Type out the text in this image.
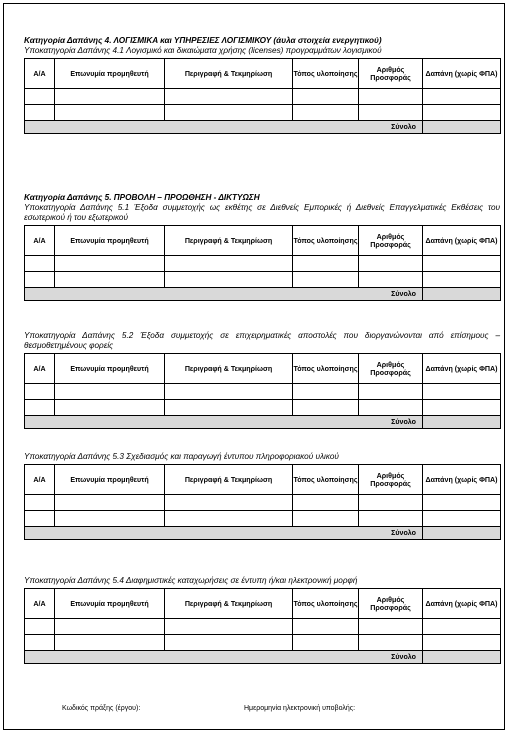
Κατηγορία Δαπάνης 4. ΛΟΓΙΣΜΙΚΑ και ΥΠΗΡΕΣΙΕΣ ΛΟΓΙΣΜΙΚΟΥ (άυλα στοιχεία ενεργητικού)
Υποκατηγορία Δαπάνης 4.1 Λογισμικό και δικαιώματα χρήσης (licenses) προγραμμάτων λογισμικού
Α/Α	Επωνυμία προμηθευτή	Περιγραφή & Τεκμηρίωση	Τόπος υλοποίησης	Αριθμός Προσφοράς	Δαπάνη (χωρίς ΦΠΑ)

Σύνολο					
Κατηγορία Δαπάνης 5. ΠΡΟΒΟΛΗ – ΠΡΟΩΘΗΣΗ - ΔΙΚΤΥΩΣΗ
Υποκατηγορία Δαπάνης 5.1 Έξοδα συμμετοχής ως εκθέτης σε Διεθνείς Εμπορικές ή Διεθνείς Επαγγελματικές Εκθέσεις του εσωτερικού ή του εξωτερικού
Α/Α	Επωνυμία προμηθευτή	Περιγραφή & Τεκμηρίωση	Τόπος υλοποίησης	Αριθμός Προσφοράς	Δαπάνη (χωρίς ΦΠΑ)

Σύνολο					
Υποκατηγορία Δαπάνης 5.2 Έξοδα συμμετοχής σε επιχειρηματικές αποστολές που διοργανώνονται από επίσημους – θεσμοθετημένους φορείς
Α/Α	Επωνυμία προμηθευτή	Περιγραφή & Τεκμηρίωση	Τόπος υλοποίησης	Αριθμός Προσφοράς	Δαπάνη (χωρίς ΦΠΑ)

Σύνολο					
Υποκατηγορία Δαπάνης 5.3 Σχεδιασμός και παραγωγή έντυπου πληροφοριακού υλικού
Α/Α	Επωνυμία προμηθευτή	Περιγραφή & Τεκμηρίωση	Τόπος υλοποίησης	Αριθμός Προσφοράς	Δαπάνη (χωρίς ΦΠΑ)

Σύνολο					
Υποκατηγορία Δαπάνης 5.4 Διαφημιστικές καταχωρήσεις σε έντυπη ή/και ηλεκτρονική μορφή
Α/Α	Επωνυμία προμηθευτή	Περιγραφή & Τεκμηρίωση	Τόπος υλοποίησης	Αριθμός Προσφοράς	Δαπάνη (χωρίς ΦΠΑ)

Σύνολο					
Κωδικός πράξης (έργου):	Ημερομηνία ηλεκτρονική υποβολής:
